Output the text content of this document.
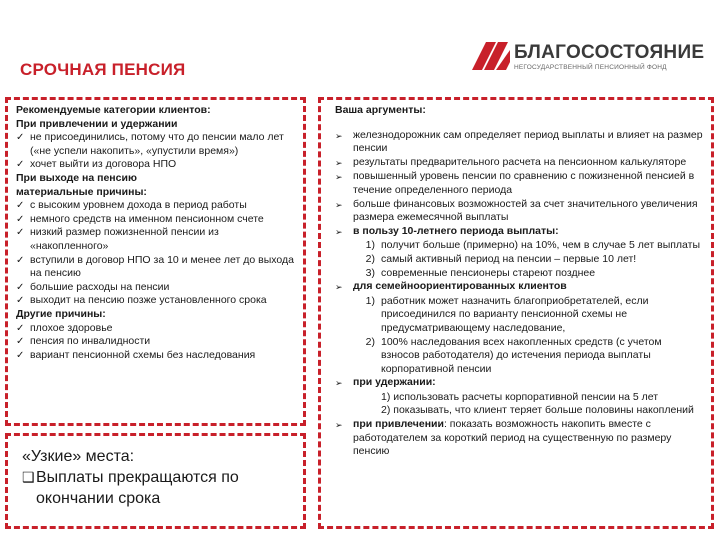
СРОЧНАЯ ПЕНСИЯ
БЛАГОСОСТОЯНИЕ
НЕГОСУДАРСТВЕННЫЙ ПЕНСИОННЫЙ ФОНД
Рекомендуемые категории клиентов:
При привлечении и удержании
✓ не присоединились, потому что до пенсии мало лет («не успели накопить», «упустили время»)
✓ хочет выйти из договора НПО
При выходе на пенсию
материальные причины:
✓ с высоким уровнем дохода в период работы
✓ немного средств на именном пенсионном счете
✓ низкий размер пожизненной пенсии из «накопленного»
✓ вступили в договор НПО за 10 и менее лет до выхода на пенсию
✓ большие расходы на пенсии
✓ выходит на пенсию позже установленного срока
Другие причины:
✓ плохое здоровье
✓ пенсия по инвалидности
✓ вариант пенсионной схемы без наследования
«Узкие» места:
❑ Выплаты прекращаются по окончании срока
Ваша аргументы:
➢ железнодорожник сам определяет период выплаты и влияет на размер пенсии
➢ результаты предварительного расчета на пенсионном калькуляторе
➢ повышенный уровень пенсии по сравнению с пожизненной пенсией в течение определенного периода
➢ больше финансовых возможностей за счет значительного увеличения размера ежемесячной выплаты
➢ в пользу 10-летнего периода выплаты:
1) получит больше (примерно) на 10%, чем в случае 5 лет выплаты
2) самый активный период на пенсии – первые 10 лет!
3) современные пенсионеры стареют позднее
➢ для семейноориентированных клиентов
1) работник может назначить благоприобретателей, если присоединился по варианту пенсионной схемы не предусматривающему наследование,
2) 100% наследования всех накопленных средств (с учетом взносов работодателя) до истечения периода выплаты корпоративной пенсии
➢ при удержании:
1) использовать расчеты корпоративной пенсии на 5 лет
2) показывать, что клиент теряет больше половины накоплений
➢ при привлечении: показать возможность накопить вместе с работодателем за короткий период на существенную по размеру пенсию
